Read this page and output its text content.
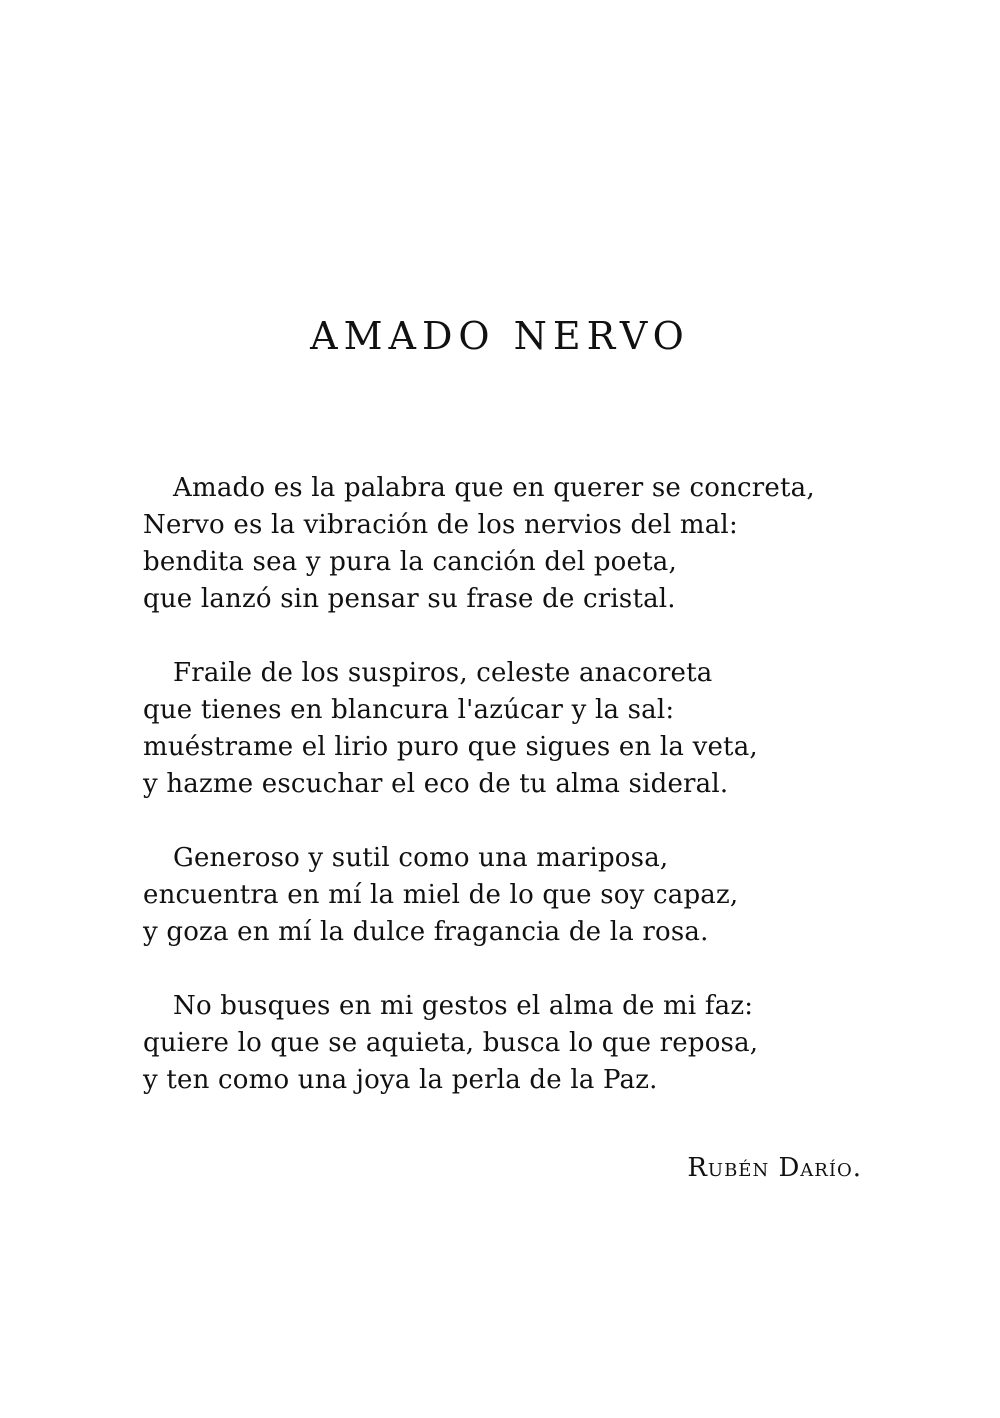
AMADO NERVO
Amado es la palabra que en querer se concreta,
Nervo es la vibración de los nervios del mal:
bendita sea y pura la canción del poeta,
que lanzó sin pensar su frase de cristal.
Fraile de los suspiros, celeste anacoreta
que tienes en blancura l'azúcar y la sal:
muéstrame el lirio puro que sigues en la veta,
y hazme escuchar el eco de tu alma sideral.
Generoso y sutil como una mariposa,
encuentra en mí la miel de lo que soy capaz,
y goza en mí la dulce fragancia de la rosa.
No busques en mi gestos el alma de mi faz:
quiere lo que se aquieta, busca lo que reposa,
y ten como una joya la perla de la Paz.
Rubén Darío.
